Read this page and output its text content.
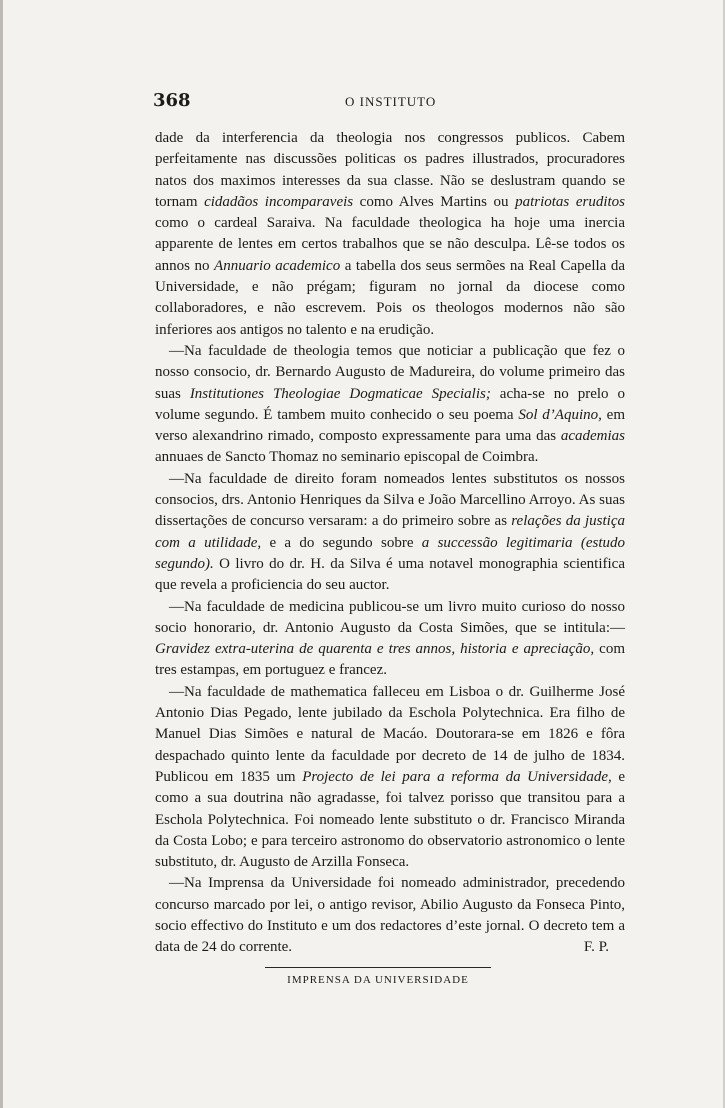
368	O INSTITUTO

dade da interferencia da theologia nos congressos publicos. Cabem perfeitamente nas discussões politicas os padres illustrados, procuradores natos dos maximos interesses da sua classe. Não se deslustram quando se tornam cidadãos incomparaveis como Alves Martins ou patriotas eruditos como o cardeal Saraiva. Na faculdade theologica ha hoje uma inercia apparente de lentes em certos trabalhos que se não desculpa. Lê-se todos os annos no Annuario academico a tabella dos seus sermões na Real Capella da Universidade, e não prégam; figuram no jornal da diocese como collaboradores, e não escrevem. Pois os theologos modernos não são inferiores aos antigos no talento e na erudição.

—Na faculdade de theologia temos que noticiar a publicação que fez o nosso consocio, dr. Bernardo Augusto de Madureira, do volume primeiro das suas Institutiones Theologiae Dogmaticae Specialis; acha-se no prelo o volume segundo. É tambem muito conhecido o seu poema Sol d’Aquino, em verso alexandrino rimado, composto expressamente para uma das academias annuaes de Sancto Thomaz no seminario episcopal de Coimbra.

—Na faculdade de direito foram nomeados lentes substitutos os nossos consocios, drs. Antonio Henriques da Silva e João Marcellino Arroyo. As suas dissertações de concurso versaram: a do primeiro sobre as relações da justiça com a utilidade, e a do segundo sobre a successão legitimaria (estudo segundo). O livro do dr. H. da Silva é uma notavel monographia scientifica que revela a proficiencia do seu auctor.

—Na faculdade de medicina publicou-se um livro muito curioso do nosso socio honorario, dr. Antonio Augusto da Costa Simões, que se intitula:— Gravidez extra-uterina de quarenta e tres annos, historia e apreciação, com tres estampas, em portuguez e francez.

—Na faculdade de mathematica falleceu em Lisboa o dr. Guilherme José Antonio Dias Pegado, lente jubilado da Eschola Polytechnica. Era filho de Manuel Dias Simões e natural de Macáo. Doutorara-se em 1826 e fôra despachado quinto lente da faculdade por decreto de 14 de julho de 1834. Publicou em 1835 um Projecto de lei para a reforma da Universidade, e como a sua doutrina não agradasse, foi talvez porisso que transitou para a Eschola Polytechnica. Foi nomeado lente substituto o dr. Francisco Miranda da Costa Lobo; e para terceiro astronomo do observatorio astronomico o lente substituto, dr. Augusto de Arzilla Fonseca.

—Na Imprensa da Universidade foi nomeado administrador, precedendo concurso marcado por lei, o antigo revisor, Abilio Augusto da Fonseca Pinto, socio effectivo do Instituto e um dos redactores d’este jornal. O decreto tem a data de 24 do corrente.	F. P.

IMPRENSA DA UNIVERSIDADE
